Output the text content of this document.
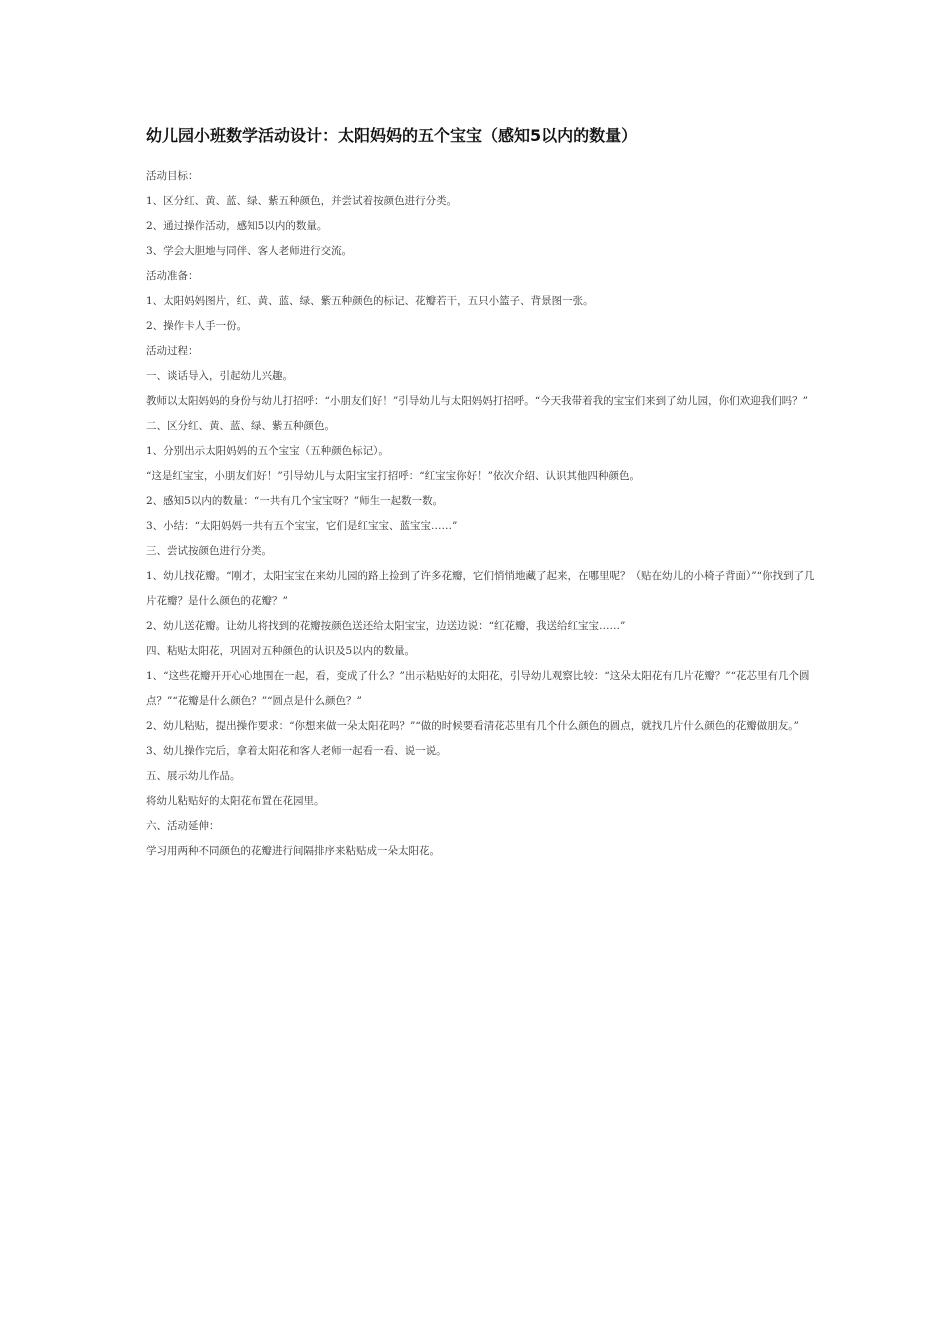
幼儿园小班数学活动设计：太阳妈妈的五个宝宝（感知5以内的数量）

活动目标：

1、区分红、黄、蓝、绿、紫五种颜色，并尝试着按颜色进行分类。

2、通过操作活动，感知5以内的数量。

3、学会大胆地与同伴、客人老师进行交流。

活动准备：

1、太阳妈妈图片，红、黄、蓝、绿、紫五种颜色的标记、花瓣若干，五只小篮子、背景图一张。

2、操作卡人手一份。

活动过程：

一、谈话导入，引起幼儿兴趣。

教师以太阳妈妈的身份与幼儿打招呼：“小朋友们好！”引导幼儿与太阳妈妈打招呼。“今天我带着我的宝宝们来到了幼儿园，你们欢迎我们吗？”

二、区分红、黄、蓝、绿、紫五种颜色。

1、分别出示太阳妈妈的五个宝宝（五种颜色标记）。

“这是红宝宝，小朋友们好！”引导幼儿与太阳宝宝打招呼：“红宝宝你好！”依次介绍、认识其他四种颜色。

2、感知5以内的数量：“一共有几个宝宝呀？”师生一起数一数。

3、小结：“太阳妈妈一共有五个宝宝，它们是红宝宝、蓝宝宝……”

三、尝试按颜色进行分类。

1、幼儿找花瓣。“刚才，太阳宝宝在来幼儿园的路上捡到了许多花瓣，它们悄悄地藏了起来，在哪里呢？（贴在幼儿的小椅子背面）”“你找到了几片花瓣？是什么颜色的花瓣？”

2、幼儿送花瓣。让幼儿将找到的花瓣按颜色送还给太阳宝宝，边送边说：“红花瓣，我送给红宝宝……”

四、粘贴太阳花，巩固对五种颜色的认识及5以内的数量。

1、“这些花瓣开开心心地围在一起，看，变成了什么？”出示粘贴好的太阳花，引导幼儿观察比较：“这朵太阳花有几片花瓣？”“花芯里有几个圆点？”“花瓣是什么颜色？”“圆点是什么颜色？”

2、幼儿粘贴，提出操作要求：“你想来做一朵太阳花吗？”“做的时候要看清花芯里有几个什么颜色的圆点，就找几片什么颜色的花瓣做朋友。”

3、幼儿操作完后，拿着太阳花和客人老师一起看一看、说一说。

五、展示幼儿作品。

将幼儿粘贴好的太阳花布置在花园里。

六、活动延伸：

学习用两种不同颜色的花瓣进行间隔排序来粘贴成一朵太阳花。
